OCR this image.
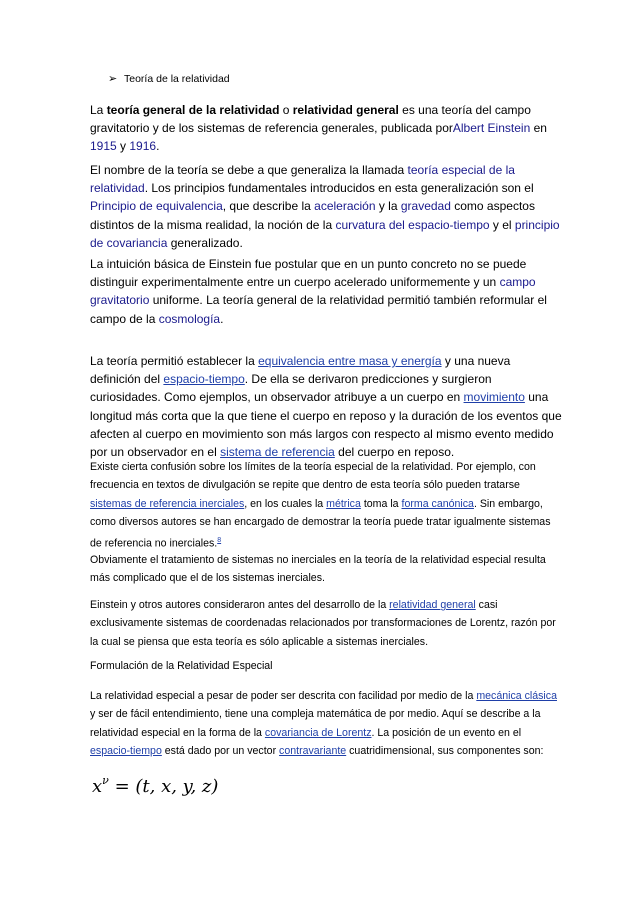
➢ Teoría de la relatividad

La teoría general de la relatividad o relatividad general es una teoría del campo gravitatorio y de los sistemas de referencia generales, publicada porAlbert Einstein en 1915 y 1916.

El nombre de la teoría se debe a que generaliza la llamada teoría especial de la relatividad. Los principios fundamentales introducidos en esta generalización son el Principio de equivalencia, que describe la aceleración y la gravedad como aspectos distintos de la misma realidad, la noción de la curvatura del espacio-tiempo y el principio de covariancia generalizado.

La intuición básica de Einstein fue postular que en un punto concreto no se puede distinguir experimentalmente entre un cuerpo acelerado uniformemente y un campo gravitatorio uniforme. La teoría general de la relatividad permitió también reformular el campo de la cosmología.

La teoría permitió establecer la equivalencia entre masa y energía y una nueva definición del espacio-tiempo. De ella se derivaron predicciones y surgieron curiosidades. Como ejemplos, un observador atribuye a un cuerpo en movimiento una longitud más corta que la que tiene el cuerpo en reposo y la duración de los eventos que afecten al cuerpo en movimiento son más largos con respecto al mismo evento medido por un observador en el sistema de referencia del cuerpo en reposo.

Existe cierta confusión sobre los límites de la teoría especial de la relatividad. Por ejemplo, con frecuencia en textos de divulgación se repite que dentro de esta teoría sólo pueden tratarse sistemas de referencia inerciales, en los cuales la métrica toma la forma canónica. Sin embargo, como diversos autores se han encargado de demostrar la teoría puede tratar igualmente sistemas de referencia no inerciales.$^8$

Obviamente el tratamiento de sistemas no inerciales en la teoría de la relatividad especial resulta más complicado que el de los sistemas inerciales.

Einstein y otros autores consideraron antes del desarrollo de la relatividad general casi exclusivamente sistemas de coordenadas relacionados por transformaciones de Lorentz, razón por la cual se piensa que esta teoría es sólo aplicable a sistemas inerciales.

Formulación de la Relatividad Especial

La relatividad especial a pesar de poder ser descrita con facilidad por medio de la mecánica clásica y ser de fácil entendimiento, tiene una compleja matemática de por medio. Aquí se describe a la relatividad especial en la forma de la covariancia de Lorentz. La posición de un evento en el espacio-tiempo está dado por un vector contravariante cuatridimensional, sus componentes son:

$x^\nu = (t$, x, y, z)
